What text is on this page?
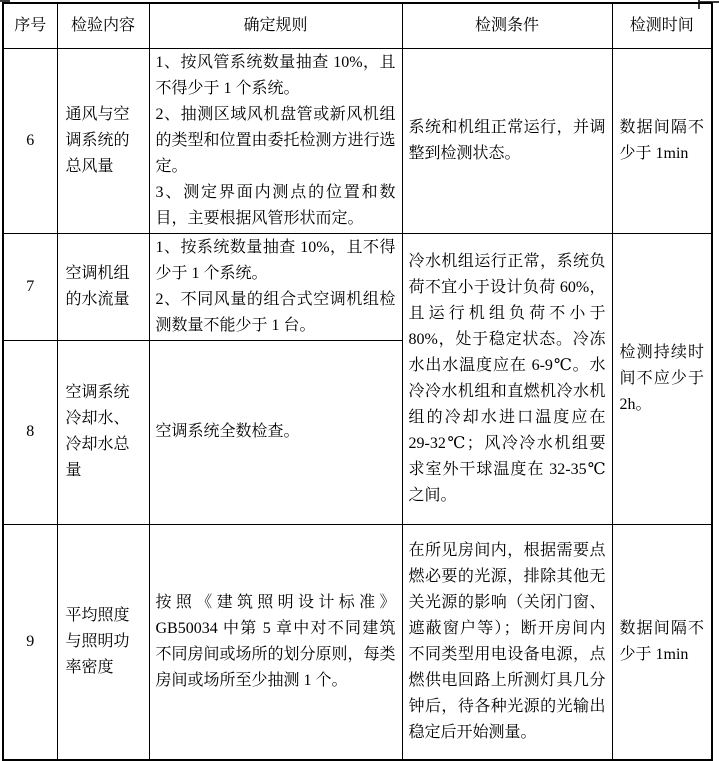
序号	检验内容	确定规则	检测条件	检测时间
6	通风与空调系统的总风量	1、按风管系统数量抽查 10%，且不得少于 1 个系统。

2、抽测区域风机盘管或新风机组的类型和位置由委托检测方进行选定。

3、测定界面内测点的位置和数目，主要根据风管形状而定。	系统和机组正常运行，并调整到检测状态。	数据间隔不少于 1min
7	空调机组的水流量	1、按系统数量抽查 10%，且不得少于 1 个系统。

2、不同风量的组合式空调机组检测数量不能少于 1 台。	冷水机组运行正常，系统负荷不宜小于设计负荷 60%，且运行机组负荷不小于 80%，处于稳定状态。冷冻水出水温度应在 6-9℃。水冷冷水机组和直燃机冷水机组的冷却水进口温度应在 29-32℃；风冷冷水机组要求室外干球温度在 32-35℃之间。	检测持续时间不应少于 2h。
8	空调系统冷却水、冷却水总量	空调系统全数检查。		

9	平均照度与照明功率密度	按照《建筑照明设计标准》GB50034 中第 5 章中对不同建筑不同房间或场所的划分原则，每类房间或场所至少抽测 1 个。	在所见房间内，根据需要点燃必要的光源，排除其他无关光源的影响（关闭门窗、遮蔽窗户等）；断开房间内不同类型用电设备电源，点燃供电回路上所测灯具几分钟后，待各种光源的光输出稳定后开始测量。	数据间隔不少于 1min
